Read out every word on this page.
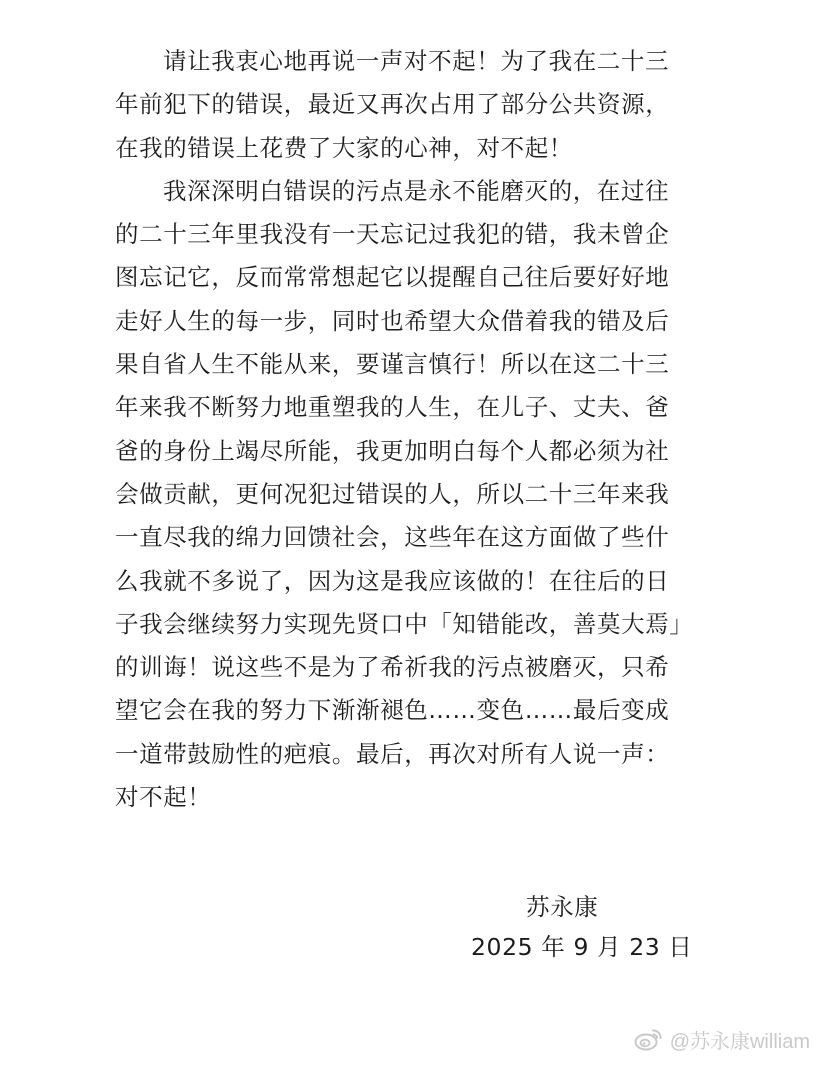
请让我衷心地再说一声对不起！为了我在二十三
年前犯下的错误，最近又再次占用了部分公共资源，
在我的错误上花费了大家的心神，对不起！
我深深明白错误的污点是永不能磨灭的，在过往
的二十三年里我没有一天忘记过我犯的错，我未曾企
图忘记它，反而常常想起它以提醒自己往后要好好地
走好人生的每一步，同时也希望大众借着我的错及后
果自省人生不能从来，要谨言慎行！所以在这二十三
年来我不断努力地重塑我的人生，在儿子、丈夫、爸
爸的身份上竭尽所能，我更加明白每个人都必须为社
会做贡献，更何况犯过错误的人，所以二十三年来我
一直尽我的绵力回馈社会，这些年在这方面做了些什
么我就不多说了，因为这是我应该做的！在往后的日
子我会继续努力实现先贤口中「知错能改，善莫大焉」
的训诲！说这些不是为了希祈我的污点被磨灭，只希
望它会在我的努力下渐渐褪色……变色……最后变成
一道带鼓励性的疤痕。最后，再次对所有人说一声：
对不起！
苏永康
2025 年 9 月 23 日
@苏永康william
